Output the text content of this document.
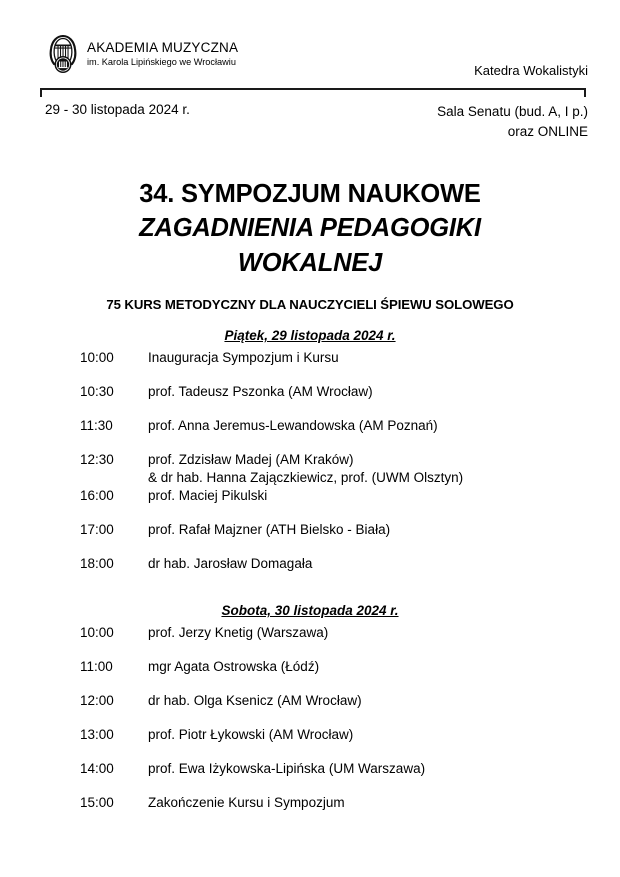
AKADEMIA MUZYCZNA
im. Karola Lipińskiego we Wrocławiu
Katedra Wokalistyki
29 - 30 listopada 2024 r.	Sala Senatu (bud. A, I p.)
oraz ONLINE
34. SYMPOZJUM NAUKOWE
ZAGADNIENIA PEDAGOGIKI
WOKALNEJ
75 KURS METODYCZNY DLA NAUCZYCIELI ŚPIEWU SOLOWEGO
Piątek, 29 listopada 2024 r.
10:00	Inauguracja Sympozjum i Kursu
10:30	prof. Tadeusz Pszonka (AM Wrocław)
11:30	prof. Anna Jeremus-Lewandowska (AM Poznań)
12:30	prof. Zdzisław Madej (AM Kraków)
& dr hab. Hanna Zajączkiewicz, prof. (UWM Olsztyn)
16:00	prof. Maciej Pikulski
17:00	prof. Rafał Majzner (ATH Bielsko - Biała)
18:00	dr hab. Jarosław Domagała
Sobota, 30 listopada 2024 r.
10:00	prof. Jerzy Knetig (Warszawa)
11:00	mgr Agata Ostrowska (Łódź)
12:00	dr hab. Olga Ksenicz (AM Wrocław)
13:00	prof. Piotr Łykowski (AM Wrocław)
14:00	prof. Ewa Iżykowska-Lipińska (UM Warszawa)
15:00	Zakończenie Kursu i Sympozjum
